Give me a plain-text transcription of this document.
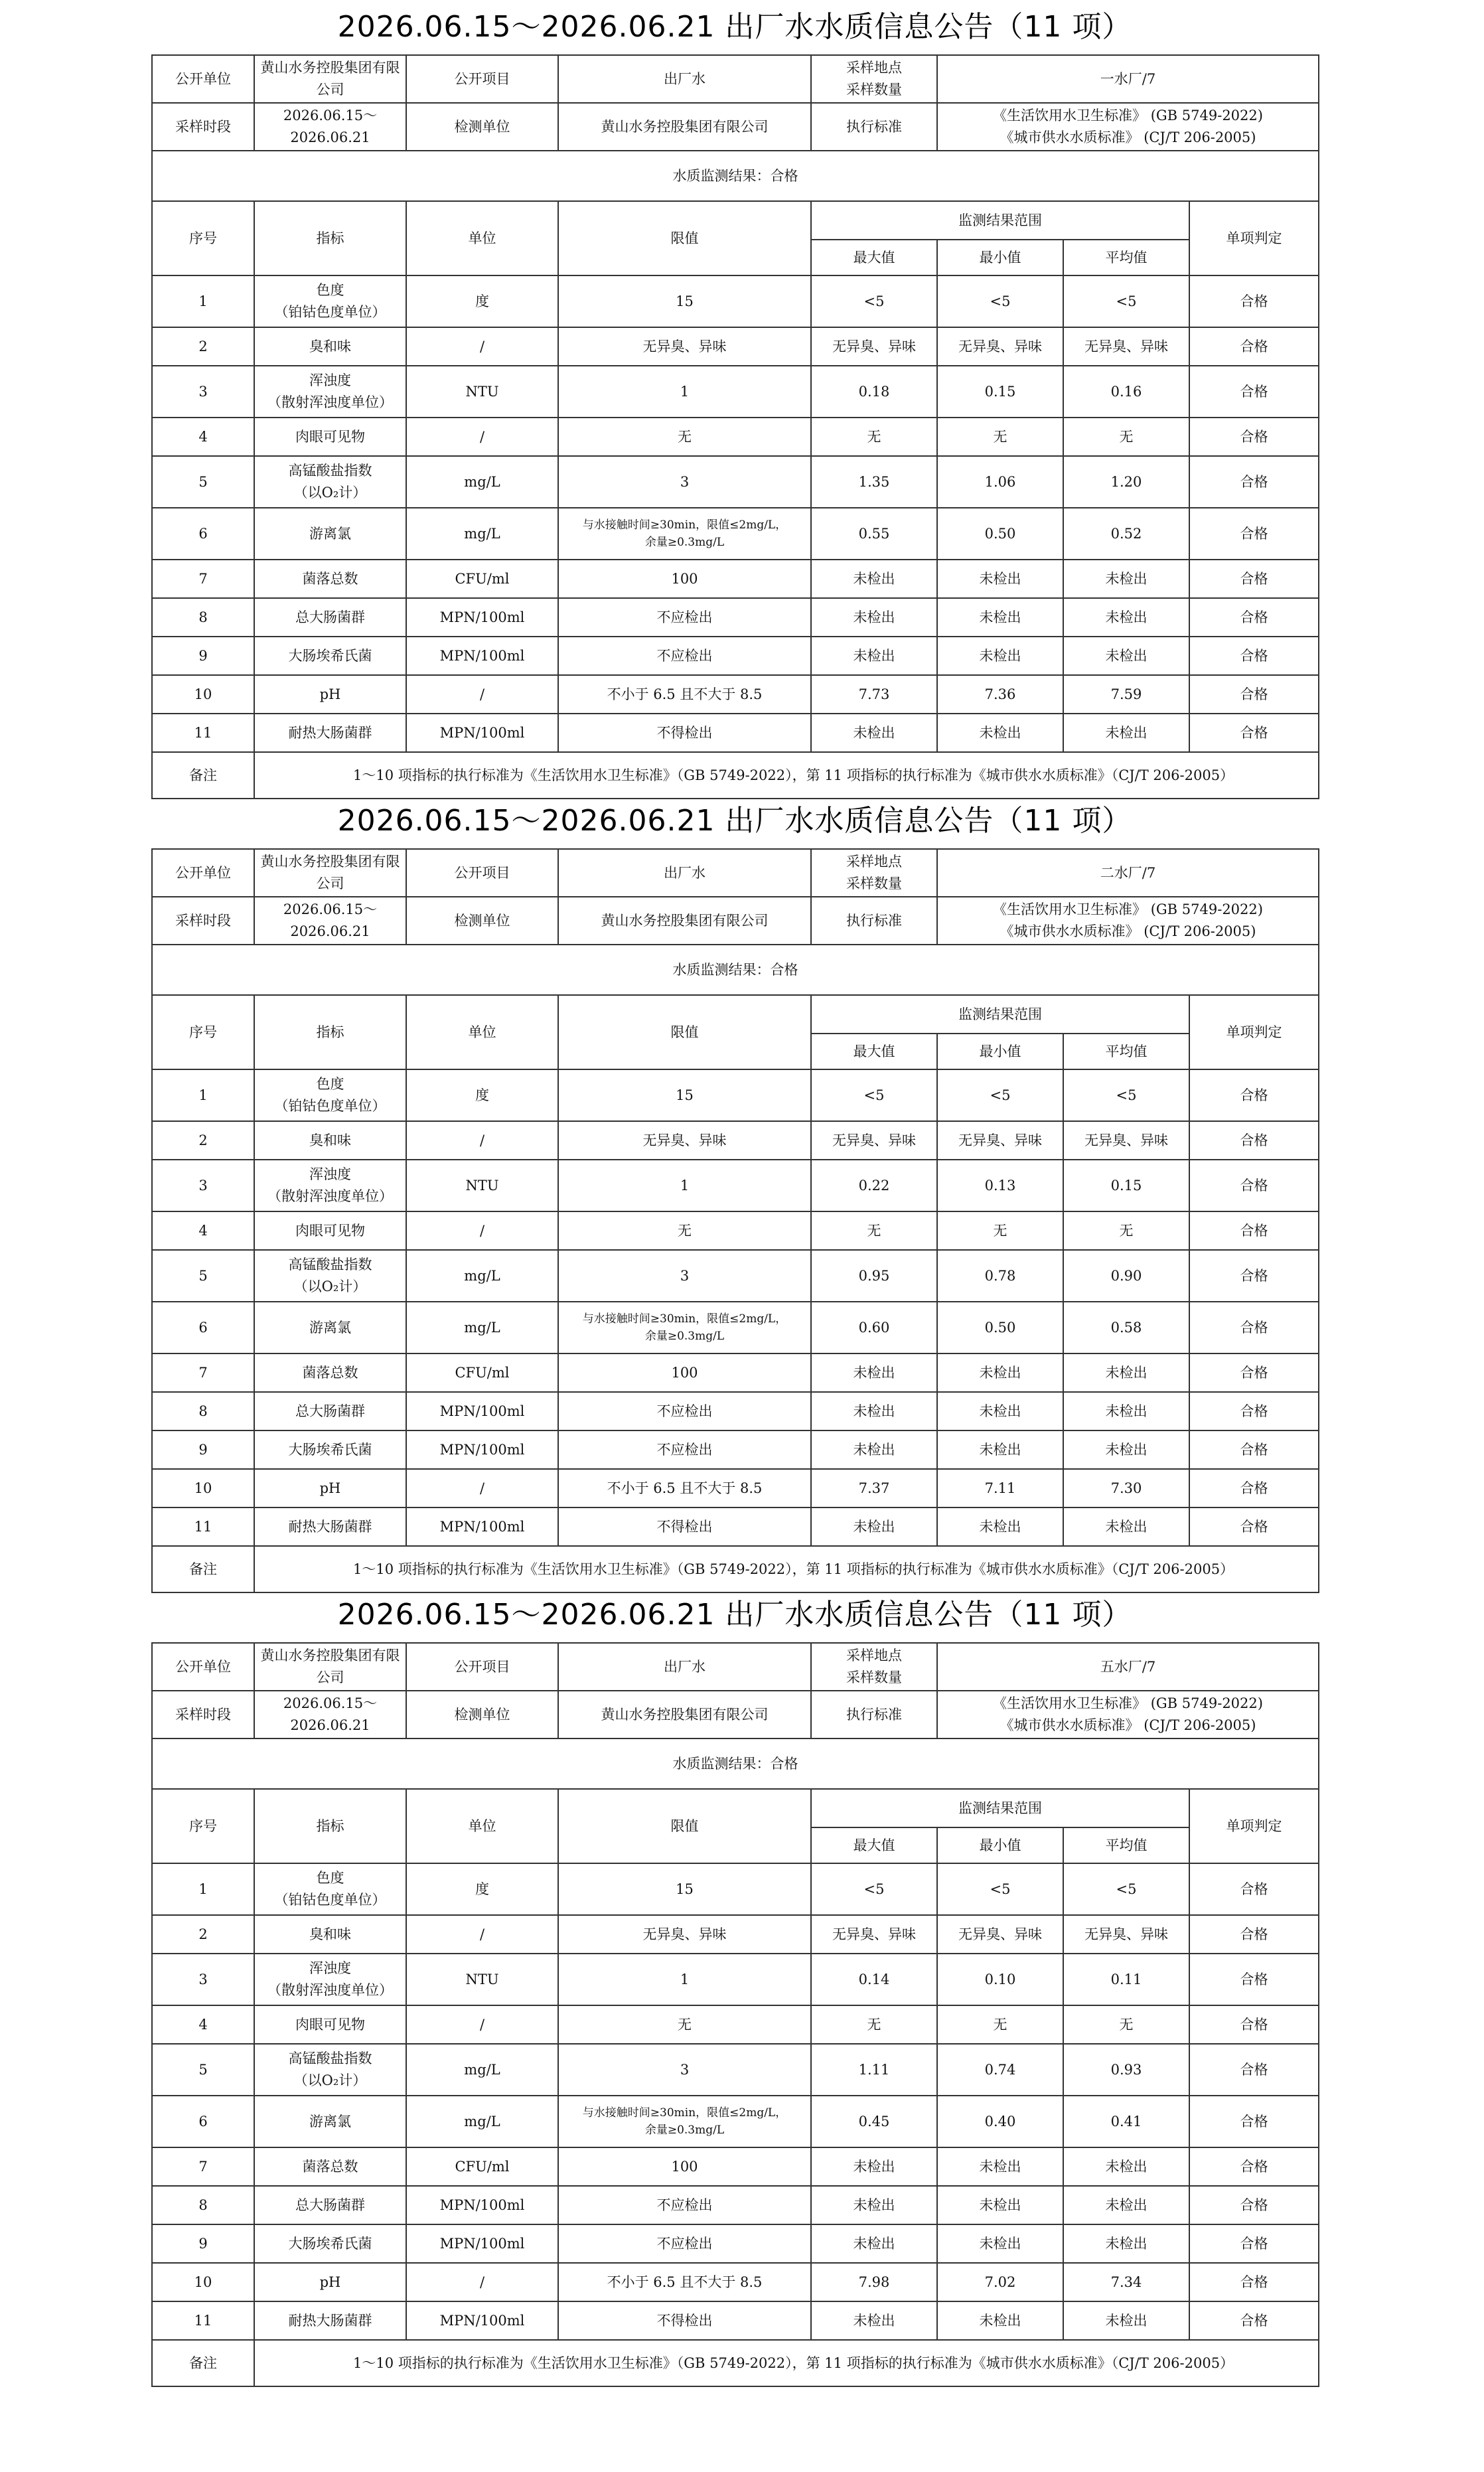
2026.06.15～2026.06.21 出厂水水质信息公告（11 项）
公开单位	黄山水务控股集团有限公司	公开项目	出厂水	采样地点
采样数量	一水厂/7		
采样时段	2026.06.15～2026.06.21	检测单位	黄山水务控股集团有限公司	执行标准	《生活饮用水卫生标准》 (GB 5749-2022)
《城市供水水质标准》 (CJ/T 206-2005)		

水质监测结果：合格							
序号	指标	单位	限值	监测结果范围			单项判定
				最大值	最小值	平均值	
1	色度
（铂钴色度单位）	度	15	<5	<5	<5	合格
2	臭和味	/	无异臭、异味	无异臭、异味	无异臭、异味	无异臭、异味	合格
3	浑浊度
（散射浑浊度单位）	NTU	1	0.18	0.15	0.16	合格
4	肉眼可见物	/	无	无	无	无	合格
5	高锰酸盐指数
（以O₂计）	mg/L	3	1.35	1.06	1.20	合格
6	游离氯	mg/L	与水接触时间≥30min，限值≤2mg/L，
余量≥0.3mg/L	0.55	0.50	0.52	合格
7	菌落总数	CFU/ml	100	未检出	未检出	未检出	合格
8	总大肠菌群	MPN/100ml	不应检出	未检出	未检出	未检出	合格
9	大肠埃希氏菌	MPN/100ml	不应检出	未检出	未检出	未检出	合格
10	pH	/	不小于 6.5 且不大于 8.5	7.73	7.36	7.59	合格
11	耐热大肠菌群	MPN/100ml	不得检出	未检出	未检出	未检出	合格
备注	1～10 项指标的执行标准为《生活饮用水卫生标准》（GB 5749-2022），第 11 项指标的执行标准为《城市供水水质标准》（CJ/T 206-2005）						
2026.06.15～2026.06.21 出厂水水质信息公告（11 项）
公开单位	黄山水务控股集团有限公司	公开项目	出厂水	采样地点
采样数量	二水厂/7		
采样时段	2026.06.15～2026.06.21	检测单位	黄山水务控股集团有限公司	执行标准	《生活饮用水卫生标准》 (GB 5749-2022)
《城市供水水质标准》 (CJ/T 206-2005)		

水质监测结果：合格							
序号	指标	单位	限值	监测结果范围			单项判定
				最大值	最小值	平均值	
1	色度
（铂钴色度单位）	度	15	<5	<5	<5	合格
2	臭和味	/	无异臭、异味	无异臭、异味	无异臭、异味	无异臭、异味	合格
3	浑浊度
（散射浑浊度单位）	NTU	1	0.22	0.13	0.15	合格
4	肉眼可见物	/	无	无	无	无	合格
5	高锰酸盐指数
（以O₂计）	mg/L	3	0.95	0.78	0.90	合格
6	游离氯	mg/L	与水接触时间≥30min，限值≤2mg/L，
余量≥0.3mg/L	0.60	0.50	0.58	合格
7	菌落总数	CFU/ml	100	未检出	未检出	未检出	合格
8	总大肠菌群	MPN/100ml	不应检出	未检出	未检出	未检出	合格
9	大肠埃希氏菌	MPN/100ml	不应检出	未检出	未检出	未检出	合格
10	pH	/	不小于 6.5 且不大于 8.5	7.37	7.11	7.30	合格
11	耐热大肠菌群	MPN/100ml	不得检出	未检出	未检出	未检出	合格
备注	1～10 项指标的执行标准为《生活饮用水卫生标准》（GB 5749-2022），第 11 项指标的执行标准为《城市供水水质标准》（CJ/T 206-2005）						
2026.06.15～2026.06.21 出厂水水质信息公告（11 项）
公开单位	黄山水务控股集团有限公司	公开项目	出厂水	采样地点
采样数量	五水厂/7		
采样时段	2026.06.15～2026.06.21	检测单位	黄山水务控股集团有限公司	执行标准	《生活饮用水卫生标准》 (GB 5749-2022)
《城市供水水质标准》 (CJ/T 206-2005)		

水质监测结果：合格							
序号	指标	单位	限值	监测结果范围			单项判定
				最大值	最小值	平均值	
1	色度
（铂钴色度单位）	度	15	<5	<5	<5	合格
2	臭和味	/	无异臭、异味	无异臭、异味	无异臭、异味	无异臭、异味	合格
3	浑浊度
（散射浑浊度单位）	NTU	1	0.14	0.10	0.11	合格
4	肉眼可见物	/	无	无	无	无	合格
5	高锰酸盐指数
（以O₂计）	mg/L	3	1.11	0.74	0.93	合格
6	游离氯	mg/L	与水接触时间≥30min，限值≤2mg/L，
余量≥0.3mg/L	0.45	0.40	0.41	合格
7	菌落总数	CFU/ml	100	未检出	未检出	未检出	合格
8	总大肠菌群	MPN/100ml	不应检出	未检出	未检出	未检出	合格
9	大肠埃希氏菌	MPN/100ml	不应检出	未检出	未检出	未检出	合格
10	pH	/	不小于 6.5 且不大于 8.5	7.98	7.02	7.34	合格
11	耐热大肠菌群	MPN/100ml	不得检出	未检出	未检出	未检出	合格
备注	1～10 项指标的执行标准为《生活饮用水卫生标准》（GB 5749-2022），第 11 项指标的执行标准为《城市供水水质标准》（CJ/T 206-2005）						
